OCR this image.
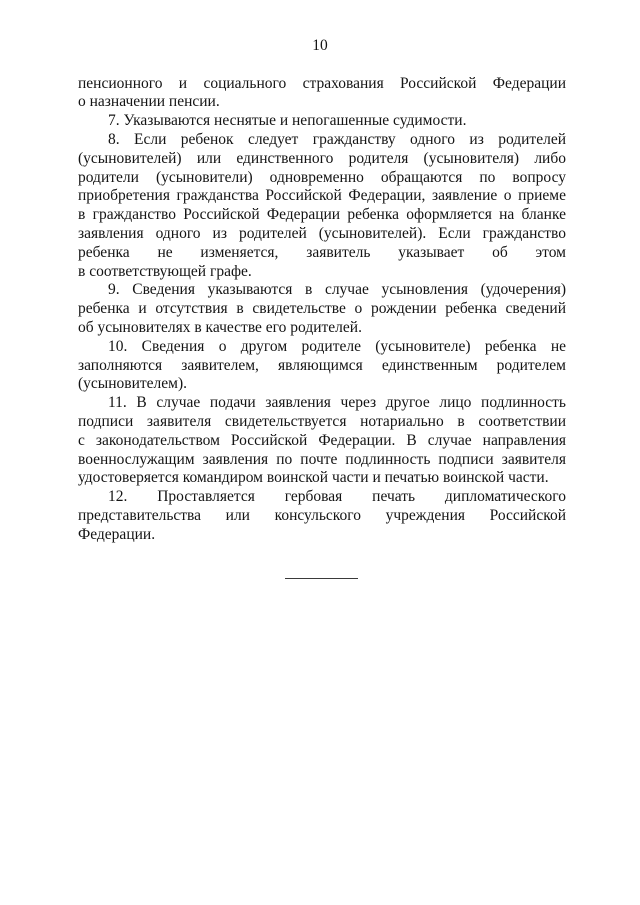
10
пенсионного и социального страхования Российской Федерации
о назначении пенсии.
7. Указываются неснятые и непогашенные судимости.
8. Если ребенок следует гражданству одного из родителей
(усыновителей) или единственного родителя (усыновителя) либо
родители (усыновители) одновременно обращаются по вопросу
приобретения гражданства Российской Федерации, заявление о приеме
в гражданство Российской Федерации ребенка оформляется на бланке
заявления одного из родителей (усыновителей). Если гражданство
ребенка не изменяется, заявитель указывает об этом
в соответствующей графе.
9. Сведения указываются в случае усыновления (удочерения)
ребенка и отсутствия в свидетельстве о рождении ребенка сведений
об усыновителях в качестве его родителей.
10. Сведения о другом родителе (усыновителе) ребенка не
заполняются заявителем, являющимся единственным родителем
(усыновителем).
11. В случае подачи заявления через другое лицо подлинность
подписи заявителя свидетельствуется нотариально в соответствии
с законодательством Российской Федерации. В случае направления
военнослужащим заявления по почте подлинность подписи заявителя
удостоверяется командиром воинской части и печатью воинской части.
12. Проставляется гербовая печать дипломатического
представительства или консульского учреждения Российской
Федерации.
